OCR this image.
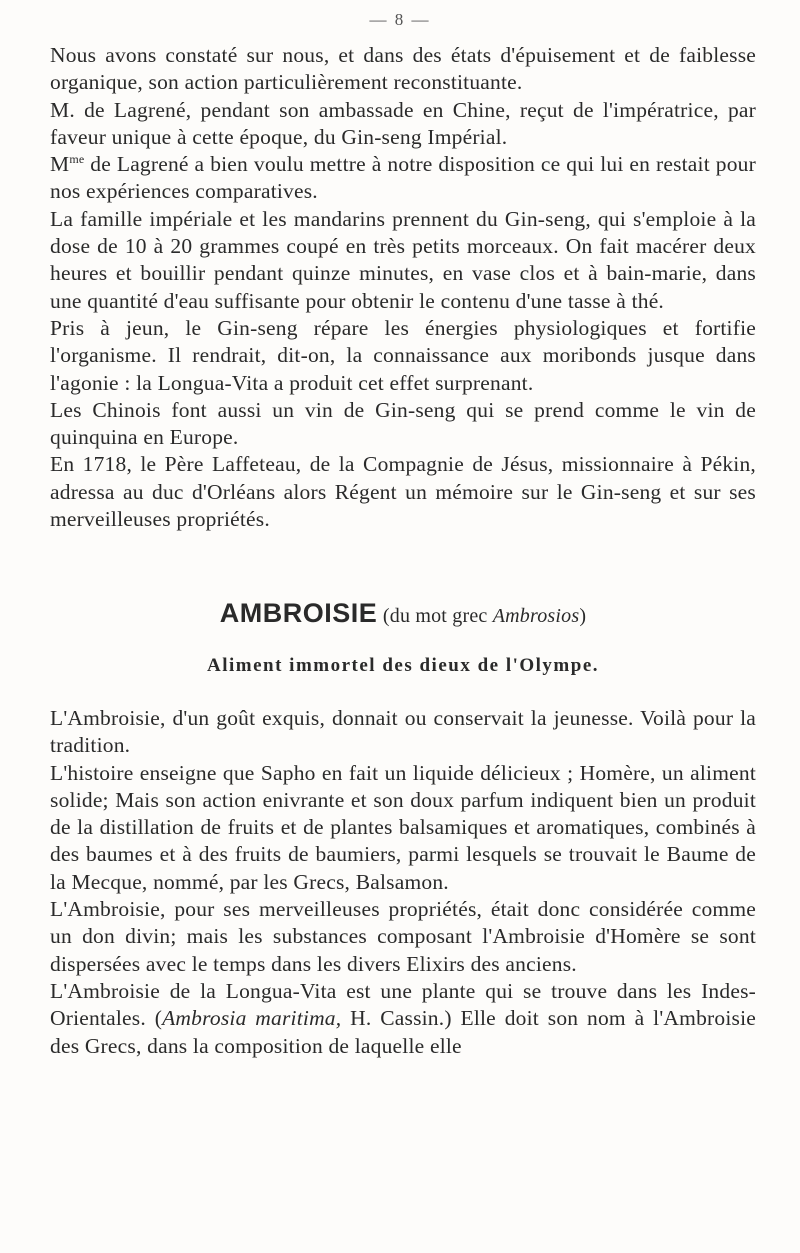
— 8 —

Nous avons constaté sur nous, et dans des états d'épuisement et de faiblesse organique, son action particulièrement reconstituante.

M. de Lagrené, pendant son ambassade en Chine, reçut de l'impératrice, par faveur unique à cette époque, du Gin-seng Impérial.

$M^{me}$ de Lagrené a bien voulu mettre à notre disposition ce qui lui en restait pour nos expériences comparatives.

La famille impériale et les mandarins prennent du Gin-seng, qui s'emploie à la dose de 10 à 20 grammes coupé en très petits morceaux. On fait macérer deux heures et bouillir pendant quinze minutes, en vase clos et à bain-marie, dans une quantité d'eau suffisante pour obtenir le contenu d'une tasse à thé.

Pris à jeun, le Gin-seng répare les énergies physiologiques et fortifie l'organisme. Il rendrait, dit-on, la connaissance aux moribonds jusque dans l'agonie : la Longua-Vita a produit cet effet surprenant.

Les Chinois font aussi un vin de Gin-seng qui se prend comme le vin de quinquina en Europe.

En 1718, le Père Laffeteau, de la Compagnie de Jésus, missionnaire à Pékin, adressa au duc d'Orléans alors Régent un mémoire sur le Gin-seng et sur ses merveilleuses propriétés.

AMBROISIE (du mot grec Ambrosios)
Aliment immortel des dieux de l'Olympe.

L'Ambroisie, d'un goût exquis, donnait ou conservait la jeunesse. Voilà pour la tradition.

L'histoire enseigne que Sapho en fait un liquide délicieux ; Homère, un aliment solide; Mais son action enivrante et son doux parfum indiquent bien un produit de la distillation de fruits et de plantes balsamiques et aromatiques, combinés à des baumes et à des fruits de baumiers, parmi lesquels se trouvait le Baume de la Mecque, nommé, par les Grecs, Balsamon.

L'Ambroisie, pour ses merveilleuses propriétés, était donc considérée comme un don divin; mais les substances composant l'Ambroisie d'Homère se sont dispersées avec le temps dans les divers Elixirs des anciens.

L'Ambroisie de la Longua-Vita est une plante qui se trouve dans les Indes-Orientales. (Ambrosia maritima, H. Cassin.) Elle doit son nom à l'Ambroisie des Grecs, dans la composition de laquelle elle
